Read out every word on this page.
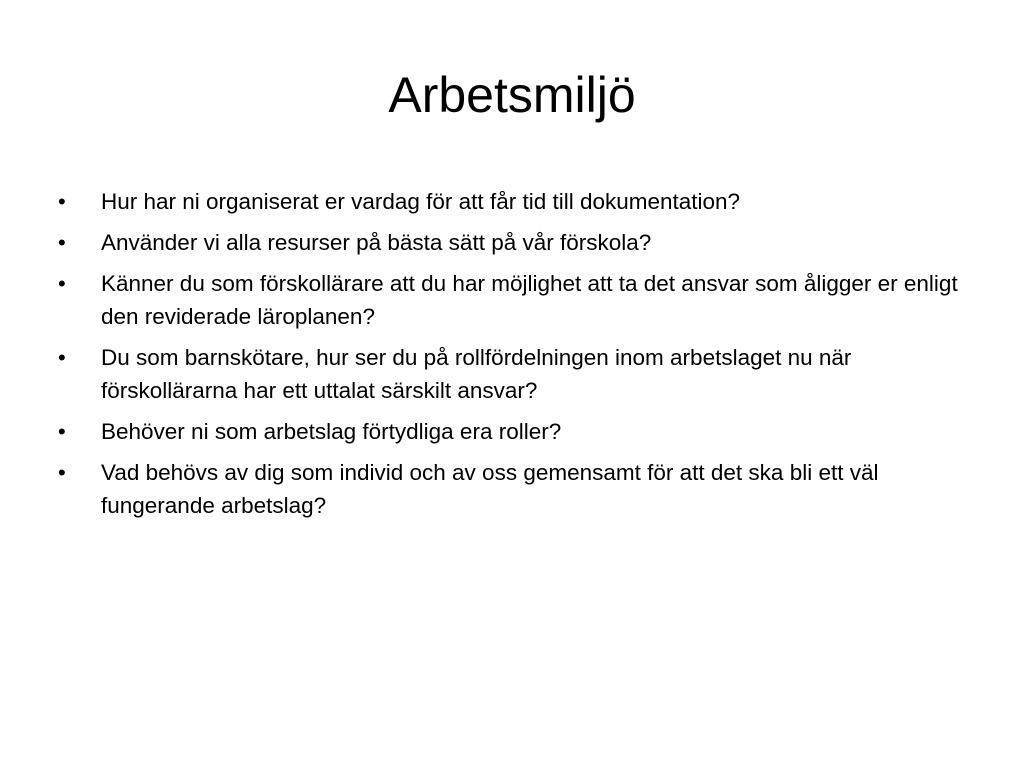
Arbetsmiljö
•	Hur har ni organiserat er vardag för att får tid till dokumentation?
•	Använder vi alla resurser på bästa sätt på vår förskola?
•	Känner du som förskollärare att du har möjlighet att ta det ansvar som åligger er enligt den reviderade läroplanen?
•	Du som barnskötare, hur ser du på rollfördelningen inom arbetslaget nu när förskollärarna har ett uttalat särskilt ansvar?
•	Behöver ni som arbetslag förtydliga era roller?
•	Vad behövs av dig som individ och av oss gemensamt för att det ska bli ett väl fungerande arbetslag?
